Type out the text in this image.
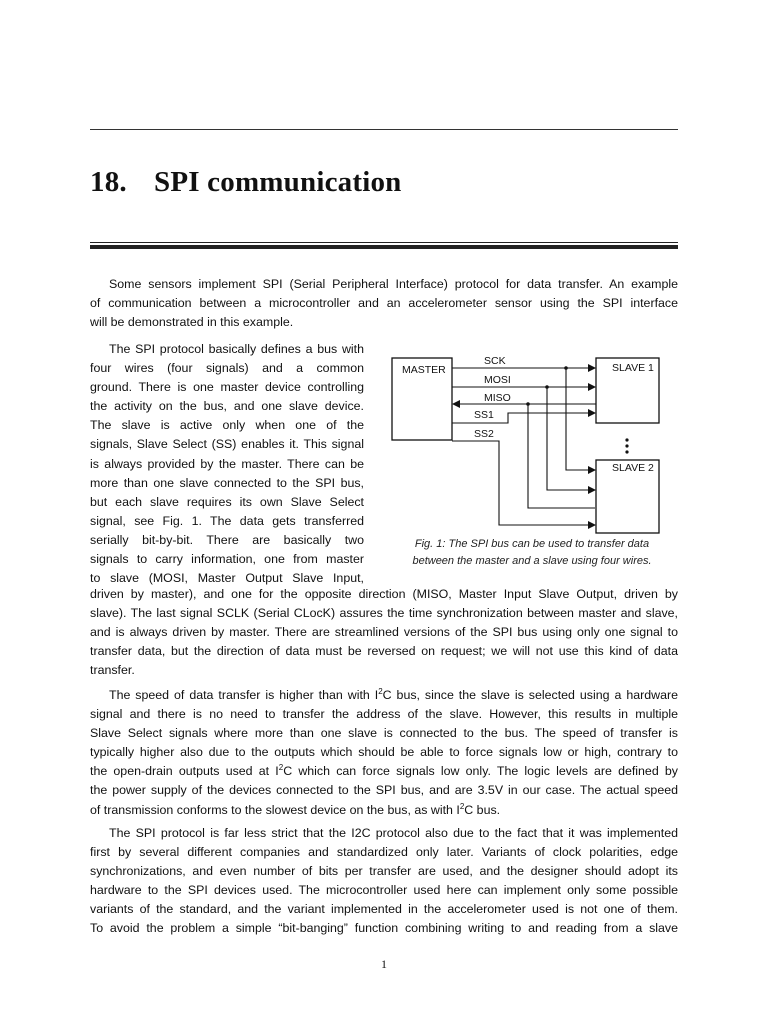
18. SPI communication

Some sensors implement SPI (Serial Peripheral Interface) protocol for data transfer. An example
of communication between a microcontroller and an accelerometer sensor using the SPI interface
will be demonstrated in this example.

The SPI protocol basically defines a bus with
four wires (four signals) and a common
ground. There is one master device controlling
the activity on the bus, and one slave device.
The slave is active only when one of the
signals, Slave Select (SS) enables it. This signal
is always provided by the master. There can be
more than one slave connected to the SPI bus,
but each slave requires its own Slave Select
signal, see Fig. 1. The data gets transferred
serially bit-by-bit. There are basically two
signals to carry information, one from master
to slave (MOSI, Master Output Slave Input,

driven by master), and one for the opposite direction (MISO, Master Input Slave Output, driven by
slave). The last signal SCLK (Serial CLocK) assures the time synchronization between master and slave,
and is always driven by master. There are streamlined versions of the SPI bus using only one signal to
transfer data, but the direction of data must be reversed on request; we will not use this kind of data
transfer.

MASTER	SLAVE 1
SLAVE 2
SCK
MOSI
MISO
SS1
SS2

Fig. 1: The SPI bus can be used to transfer data
between the master and a slave using four wires.

The speed of data transfer is higher than with $I^2C$ bus, since the slave is selected using a hardware
signal and there is no need to transfer the address of the slave. However, this results in multiple
Slave Select signals where more than one slave is connected to the bus. The speed of transfer is
typically higher also due to the outputs which should be able to force signals low or high, contrary to
the open-drain outputs used at $I^2C$ which can force signals low only. The logic levels are defined by
the power supply of the devices connected to the SPI bus, and are 3.5V in our case. The actual speed
of transmission conforms to the slowest device on the bus, as with $I^2C$ bus.

The SPI protocol is far less strict that the I2C protocol also due to the fact that it was implemented
first by several different companies and standardized only later. Variants of clock polarities, edge
synchronizations, and even number of bits per transfer are used, and the designer should adopt its
hardware to the SPI devices used. The microcontroller used here can implement only some possible
variants of the standard, and the variant implemented in the accelerometer used is not one of them.
To avoid the problem a simple “bit-banging” function combining writing to and reading from a slave

1
